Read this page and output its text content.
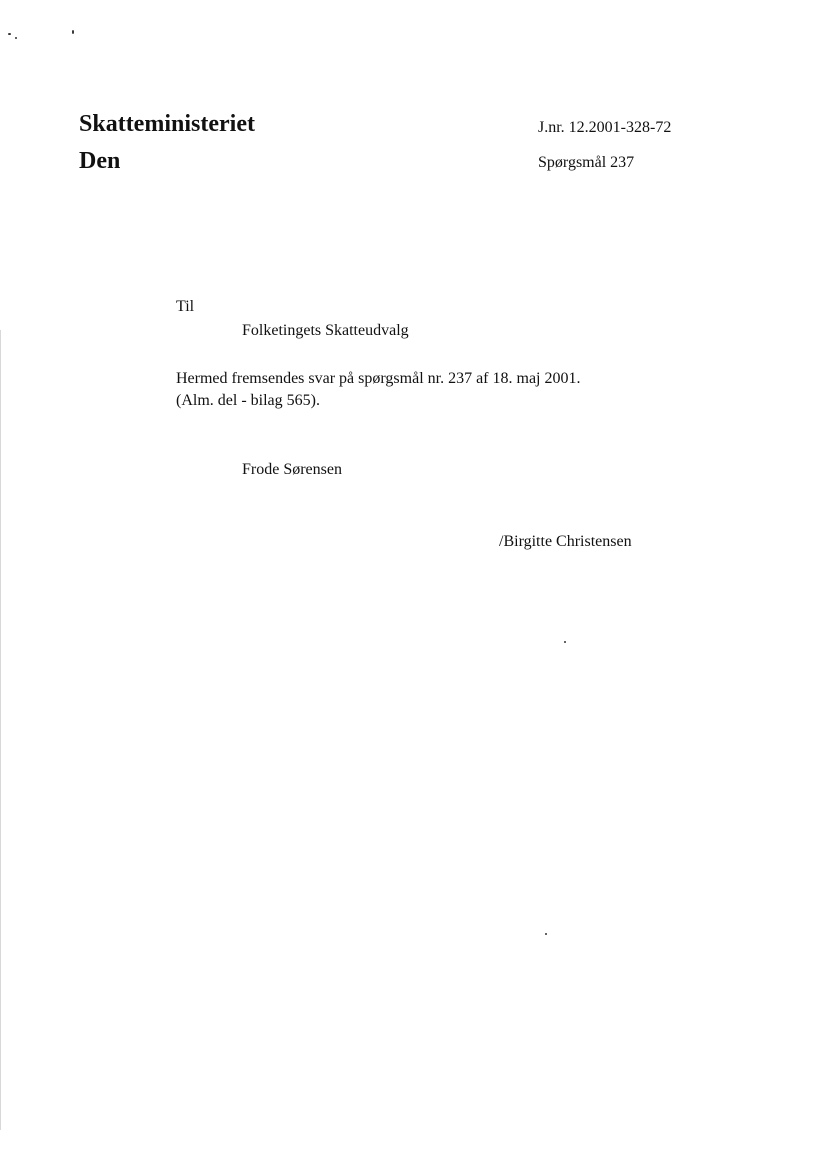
Skatteministeriet
Den
J.nr. 12.2001-328-72
Spørgsmål 237
Til
Folketingets Skatteudvalg
Hermed fremsendes svar på spørgsmål nr. 237 af 18. maj 2001.
(Alm. del - bilag 565).
Frode Sørensen
/Birgitte Christensen
